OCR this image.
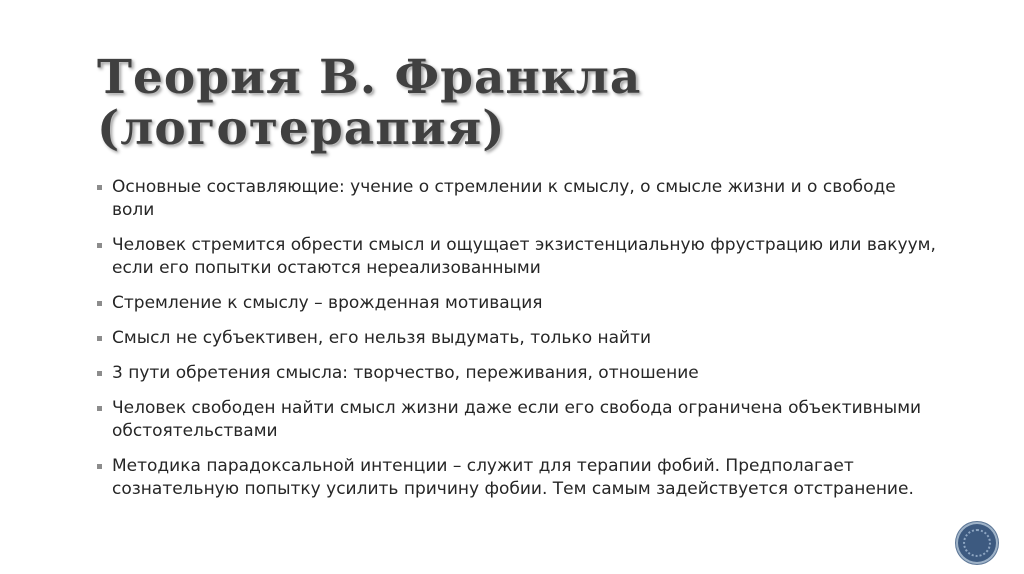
Теория В. Франкла
(логотерапия)
Основные составляющие: учение о стремлении к смыслу, о смысле жизни и о свободе воли
Человек стремится обрести смысл и ощущает экзистенциальную фрустрацию или вакуум, если его попытки остаются нереализованными
Стремление к смыслу – врожденная мотивация
Смысл не субъективен, его нельзя выдумать, только найти
3 пути обретения смысла: творчество, переживания, отношение
Человек свободен найти смысл жизни даже если его свобода ограничена объективными обстоятельствами
Методика парадоксальной интенции – служит для терапии фобий. Предполагает сознательную попытку усилить причину фобии. Тем самым задействуется отстранение.
